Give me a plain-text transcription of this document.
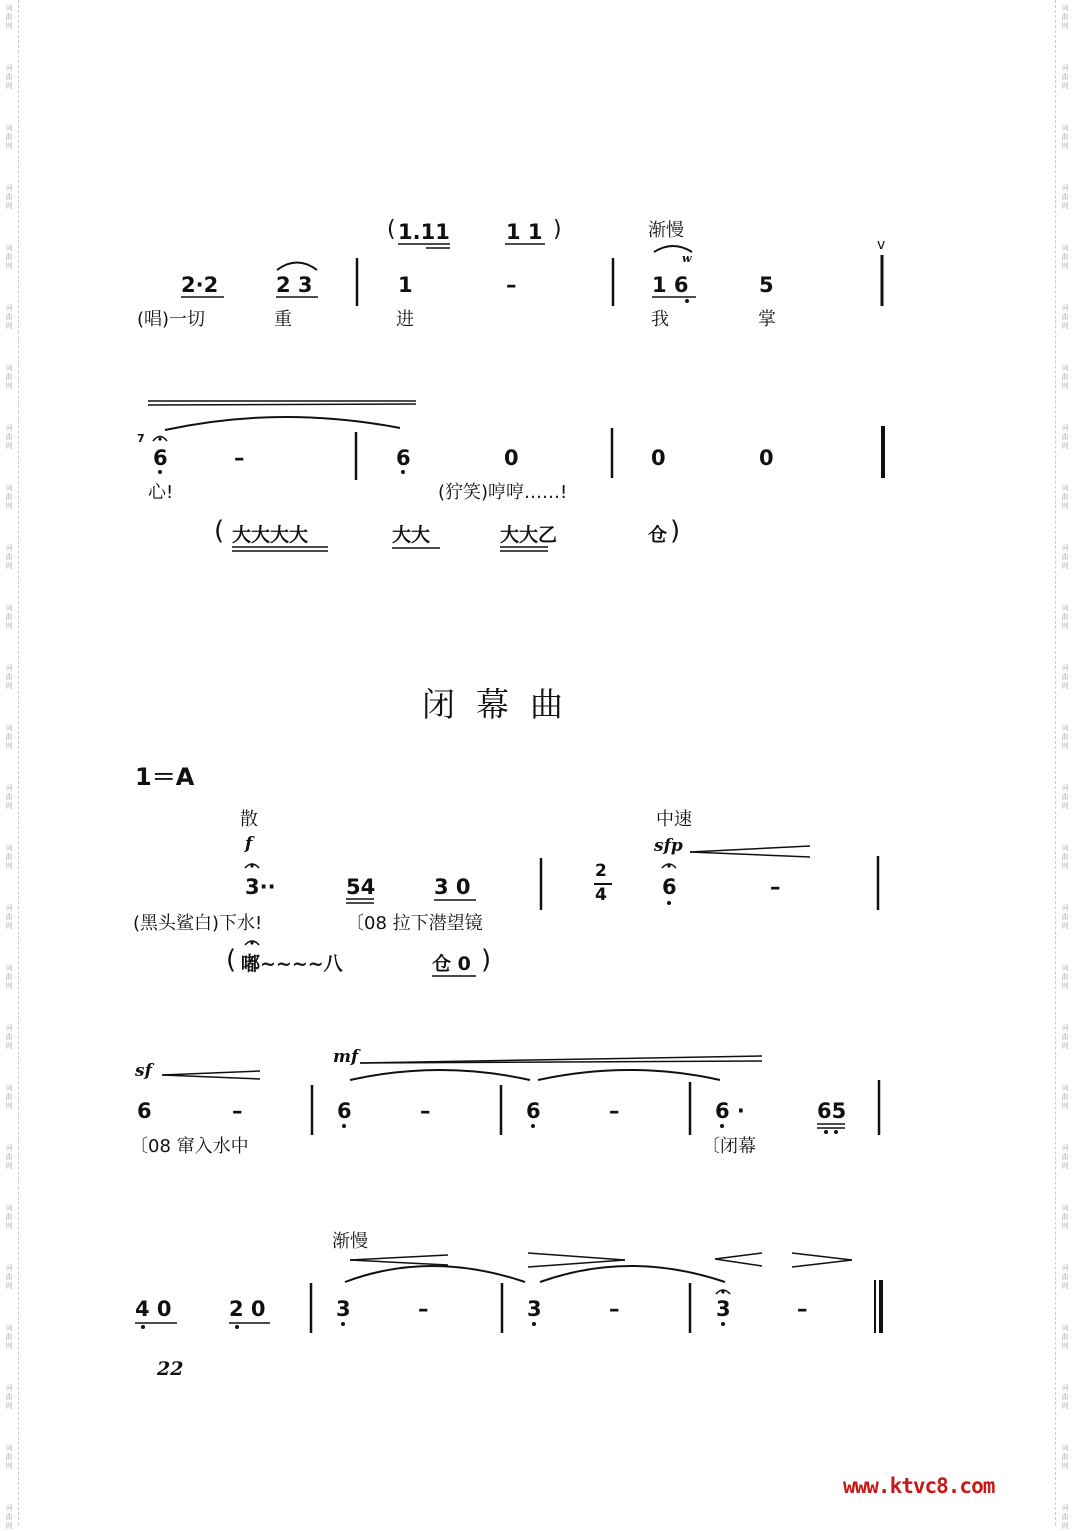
( 1.11	1 1 )	渐慢
w
v
2·2	2 3	1	–	1 6	5
(唱)一切	重	进	我	掌
7
6	–	6	0	0	0
心!	(狞笑)哼哼……!
( 大大大大	大大	大大乙	仓 )
闭  幕  曲
1＝A
散
f
中速
sfp
3··	54	3 0
2
4	6	–
(黑头鲨白)下水!	〔08 拉下潜望镜
( 嘟~~~~八	仓 0 )
sf
mf
6	–	6	–	6	–	6 ·	65
〔08 窜入水中	〔闭幕
渐慢
4 0	2 0	3	–	3	–	3	–
22
www.ktvc8.com
词
曲
网
词
曲
网
词
曲
网
词
曲
网
词
曲
网
词
曲
网
词
曲
网
词
曲
网
词
曲
网
词
曲
网
词
曲
网
词
曲
网
词
曲
网
词
曲
网
词
曲
网
词
曲
网
词
曲
网
词
曲
网
词
曲
网
词
曲
网
词
曲
网
词
曲
网
词
曲
网
词
曲
网
词
曲
网
词
曲
网
词
曲
网
词
曲
网
词
曲
网
词
曲
网
词
曲
网
词
曲
网
词
曲
网
词
曲
网
词
曲
网
词
曲
网
词
曲
网
词
曲
网
词
曲
网
词
曲
网
词
曲
网
词
曲
网
词
曲
网
词
曲
网
词
曲
网
词
曲
网
词
曲
网
词
曲
网
词
曲
网
词
曲
网
词
曲
网
词
曲
网
